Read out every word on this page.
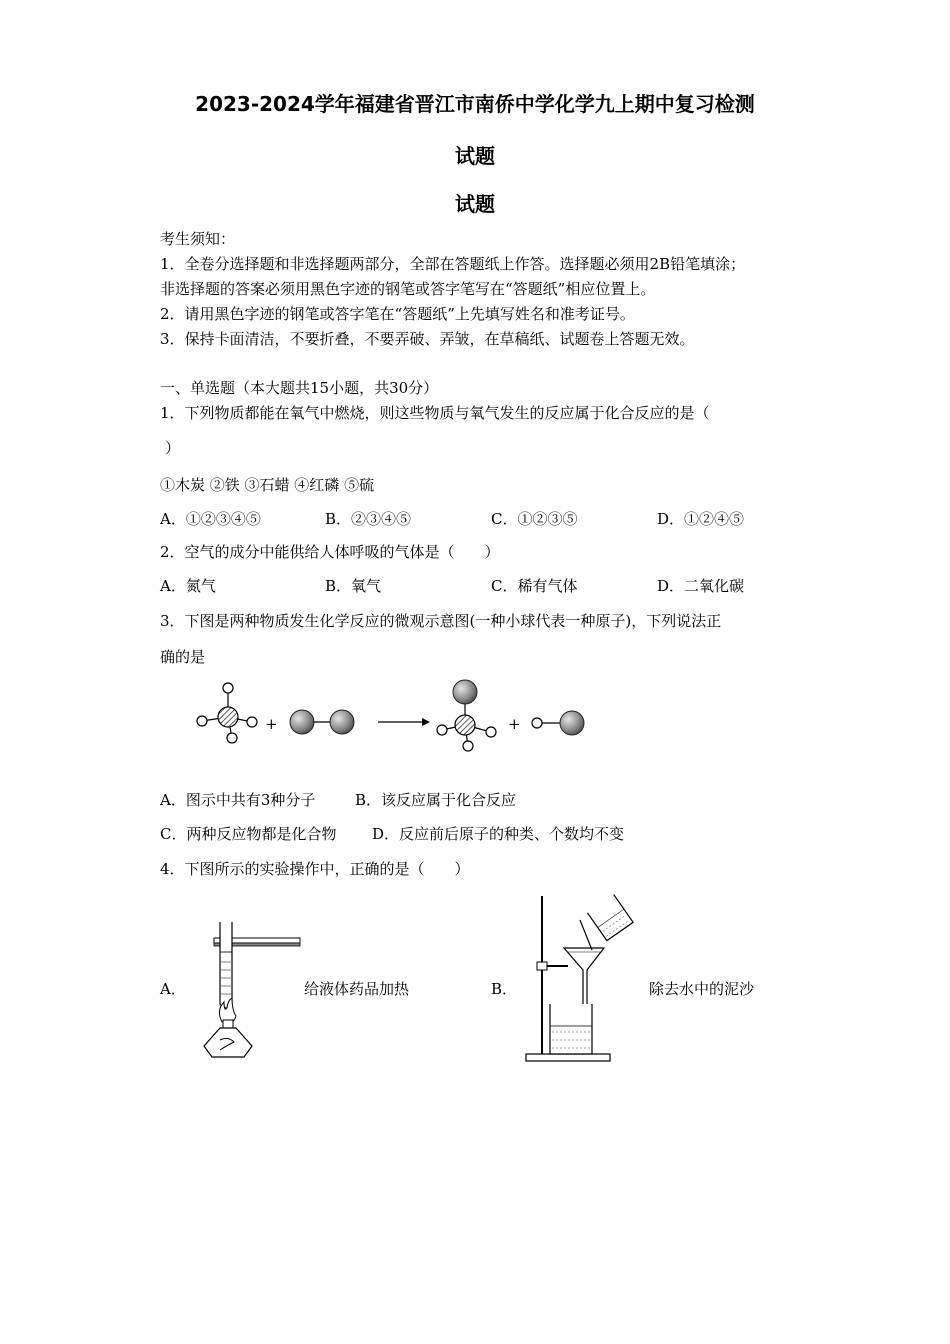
2023-2024学年福建省晋江市南侨中学化学九上期中复习检测
试题
试题
考生须知：
1．全卷分选择题和非选择题两部分，全部在答题纸上作答。选择题必须用2B铅笔填涂；
非选择题的答案必须用黑色字迹的钢笔或答字笔写在“答题纸”相应位置上。
2．请用黑色字迹的钢笔或答字笔在“答题纸”上先填写姓名和准考证号。
3．保持卡面清洁，不要折叠，不要弄破、弄皱，在草稿纸、试题卷上答题无效。
一、单选题（本大题共15小题，共30分）
1．下列物质都能在氧气中燃烧，则这些物质与氧气发生的反应属于化合反应的是（
）
①木炭 ②铁 ③石蜡 ④红磷 ⑤硫
A．①②③④⑤	B．②③④⑤	C．①②③⑤	D．①②④⑤
2．空气的成分中能供给人体呼吸的气体是（　　）
A．氮气	B．氧气	C．稀有气体	D．二氧化碳
3．下图是两种物质发生化学反应的微观示意图(一种小球代表一种原子)，下列说法正
确的是
+	+
A．图示中共有3种分子	B．该反应属于化合反应
C．两种反应物都是化合物 D．反应前后原子的种类、个数均不变
4．下图所示的实验操作中，正确的是（　　）
A．	给液体药品加热	B．	除去水中的泥沙
